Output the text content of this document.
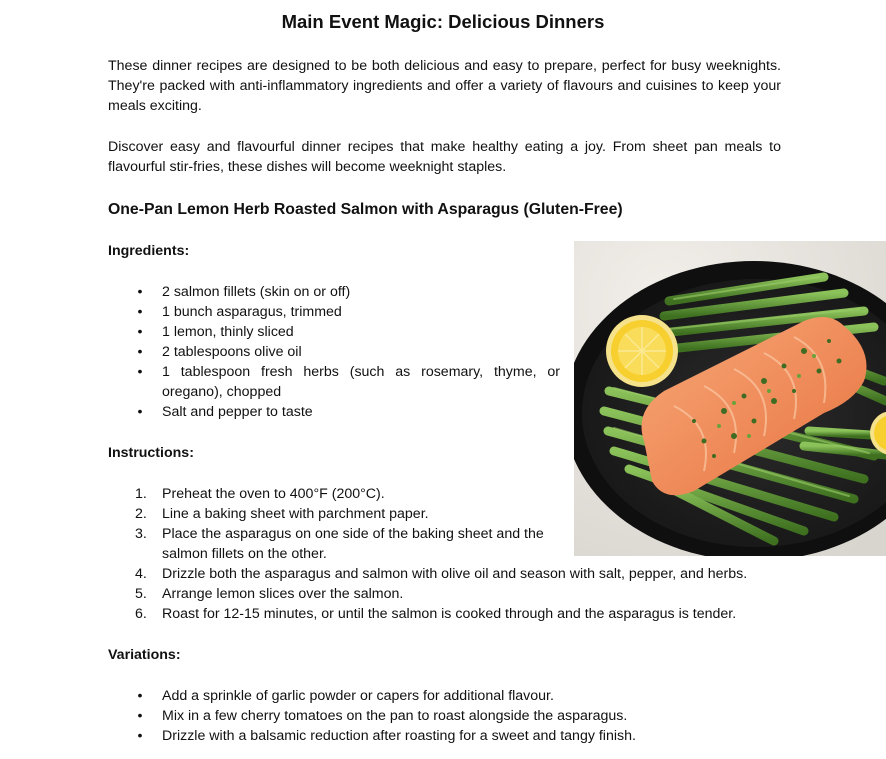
Main Event Magic: Delicious Dinners
These dinner recipes are designed to be both delicious and easy to prepare, perfect for busy weeknights. They're packed with anti-inflammatory ingredients and offer a variety of flavours and cuisines to keep your meals exciting.
Discover easy and flavourful dinner recipes that make healthy eating a joy. From sheet pan meals to flavourful stir-fries, these dishes will become weeknight staples.
One-Pan Lemon Herb Roasted Salmon with Asparagus (Gluten-Free)
Ingredients:
• 2 salmon fillets (skin on or off)
• 1 bunch asparagus, trimmed
• 1 lemon, thinly sliced
• 2 tablespoons olive oil
• 1 tablespoon fresh herbs (such as rosemary, thyme, or oregano), chopped
• Salt and pepper to taste
Instructions:
1.	Preheat the oven to 400°F (200°C).
2.	Line a baking sheet with parchment paper.
3.	Place the asparagus on one side of the baking sheet and the salmon fillets on the other.
4.	Drizzle both the asparagus and salmon with olive oil and season with salt, pepper, and herbs.
5.	Arrange lemon slices over the salmon.
6.	Roast for 12-15 minutes, or until the salmon is cooked through and the asparagus is tender.
Variations:
• Add a sprinkle of garlic powder or capers for additional flavour.
• Mix in a few cherry tomatoes on the pan to roast alongside the asparagus.
• Drizzle with a balsamic reduction after roasting for a sweet and tangy finish.
